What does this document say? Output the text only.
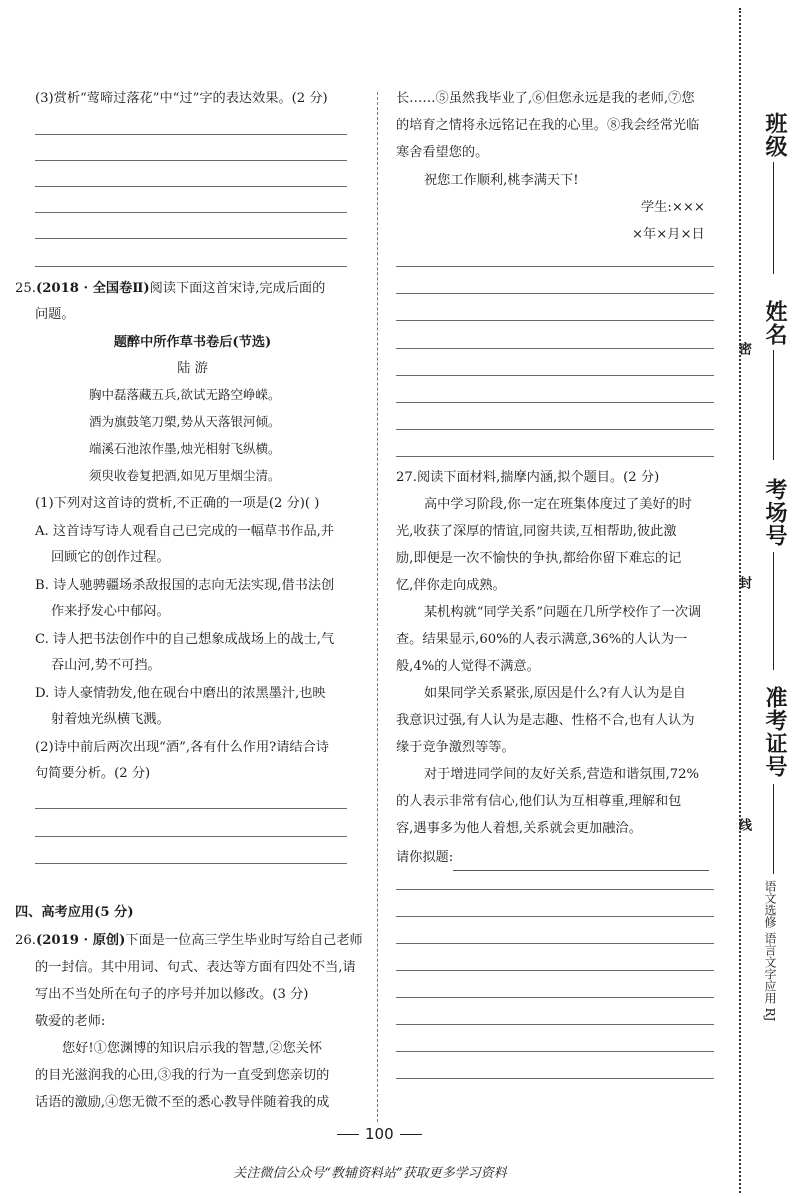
(3)赏析“莺啼过落花”中“过”字的表达效果。(2 分)
25.(2018 · 全国卷Ⅱ)阅读下面这首宋诗,完成后面的
问题。
题醉中所作草书卷后(节选)
陆 游
胸中磊落藏五兵,欲试无路空峥嵘。
酒为旗鼓笔刀槊,势从天落银河倾。
端溪石池浓作墨,烛光相射飞纵横。
须臾收卷复把酒,如见万里烟尘清。
(1)下列对这首诗的赏析,不正确的一项是(2 分)( )
A. 这首诗写诗人观看自己已完成的一幅草书作品,并
回顾它的创作过程。
B. 诗人驰骋疆场杀敌报国的志向无法实现,借书法创
作来抒发心中郁闷。
C. 诗人把书法创作中的自己想象成战场上的战士,气
吞山河,势不可挡。
D. 诗人豪情勃发,他在砚台中磨出的浓黑墨汁,也映
射着烛光纵横飞溅。
(2)诗中前后两次出现“酒”,各有什么作用?请结合诗
句简要分析。(2 分)
四、高考应用(5 分)
26.(2019 · 原创)下面是一位高三学生毕业时写给自己老师
的一封信。其中用词、句式、表达等方面有四处不当,请
写出不当处所在句子的序号并加以修改。(3 分)
敬爱的老师:
您好!①您渊博的知识启示我的智慧,②您关怀
的目光滋润我的心田,③我的行为一直受到您亲切的
话语的激励,④您无微不至的悉心教导伴随着我的成
长……⑤虽然我毕业了,⑥但您永远是我的老师,⑦您
的培育之情将永远铭记在我的心里。⑧我会经常光临
寒舍看望您的。
祝您工作顺利,桃李满天下!
学生:×××
×年×月×日
27.阅读下面材料,揣摩内涵,拟个题目。(2 分)
高中学习阶段,你一定在班集体度过了美好的时
光,收获了深厚的情谊,同窗共读,互相帮助,彼此激
励,即便是一次不愉快的争执,都给你留下难忘的记
忆,伴你走向成熟。
某机构就“同学关系”问题在几所学校作了一次调
查。结果显示,60%的人表示满意,36%的人认为一
般,4%的人觉得不满意。
如果同学关系紧张,原因是什么?有人认为是自
我意识过强,有人认为是志趣、性格不合,也有人认为
缘于竞争激烈等等。
对于增进同学间的友好关系,营造和谐氛围,72%
的人表示非常有信心,他们认为互相尊重,理解和包
容,遇事多为他人着想,关系就会更加融洽。
请你拟题:
密
封
线
班级
姓名
考场号
准考证号
语文选修 语言文字应用 RJ
100
关注微信公众号“教辅资料站”获取更多学习资料
